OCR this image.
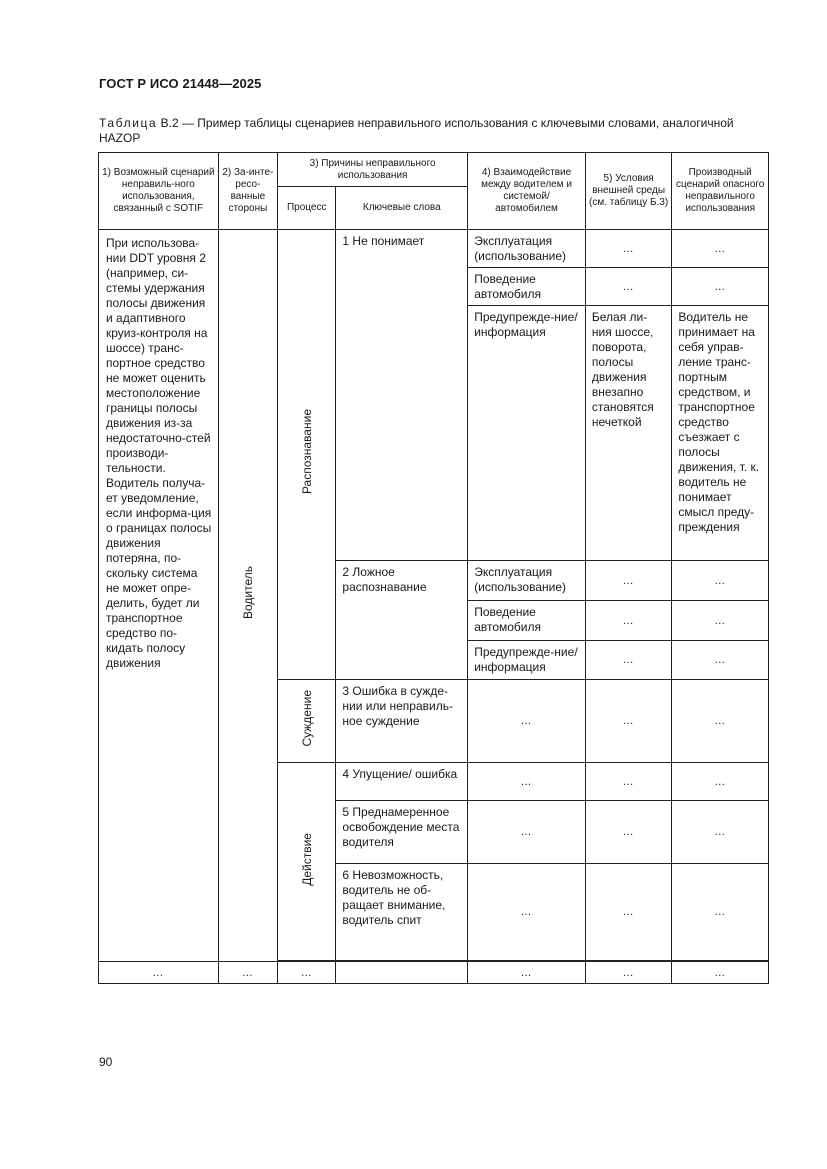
ГОСТ Р ИСО 21448—2025
Таблица В.2 — Пример таблицы сценариев неправильного использования с ключевыми словами, аналогичной HAZOP
1) Возможный сценарий неправиль-ного использования, связанный с SOTIF	2) За-инте-ресо-ванные стороны	3) Причины неправильного использования		4) Взаимодействие между водителем и системой/ автомобилем	5) Условия внешней среды (см. таблицу Б.3)	Производный сценарий опасного неправильного использования
		Процесс	Ключевые слова			
При использова-нии DDT уровня 2 (например, си-стемы удержания полосы движения и адаптивного круиз-контроля на шоссе) транс-портное средство не может оценить местоположение границы полосы движения из-за недостаточно-стей производи-тельности. Водитель получа-ет уведомление, если информа-ция о границах полосы движения потеряна, по-скольку система не может опре-делить, будет ли транспортное средство по-кидать полосу движения	Водитель	Распознавание	1 Не понимает	Эксплуатация (использование)	…	…
				Поведение автомобиля	…	…
				Предупрежде-ние/информация	Белая ли-ния шоссе, поворота, полосы движения внезапно становятся нечеткой	Водитель не принимает на себя управ-ление транс-портным средством, и транспортное средство съезжает с полосы движения, т. к. водитель не понимает смысл преду-преждения
			2 Ложное распознавание	Эксплуатация (использование)	…	…
				Поведение автомобиля	…	…
				Предупрежде-ние/информация	…	…
		Суждение	3 Ошибка в сужде-нии или неправиль-ное суждение	…	…	…
		Действие	4 Упущение/ ошибка	…	…	…
			5 Преднамеренное освобождение места водителя	…	…	…
			6 Невозможность, водитель не об-ращает внимание, водитель спит	…	…	…

…	…	…		…	…	…
90
